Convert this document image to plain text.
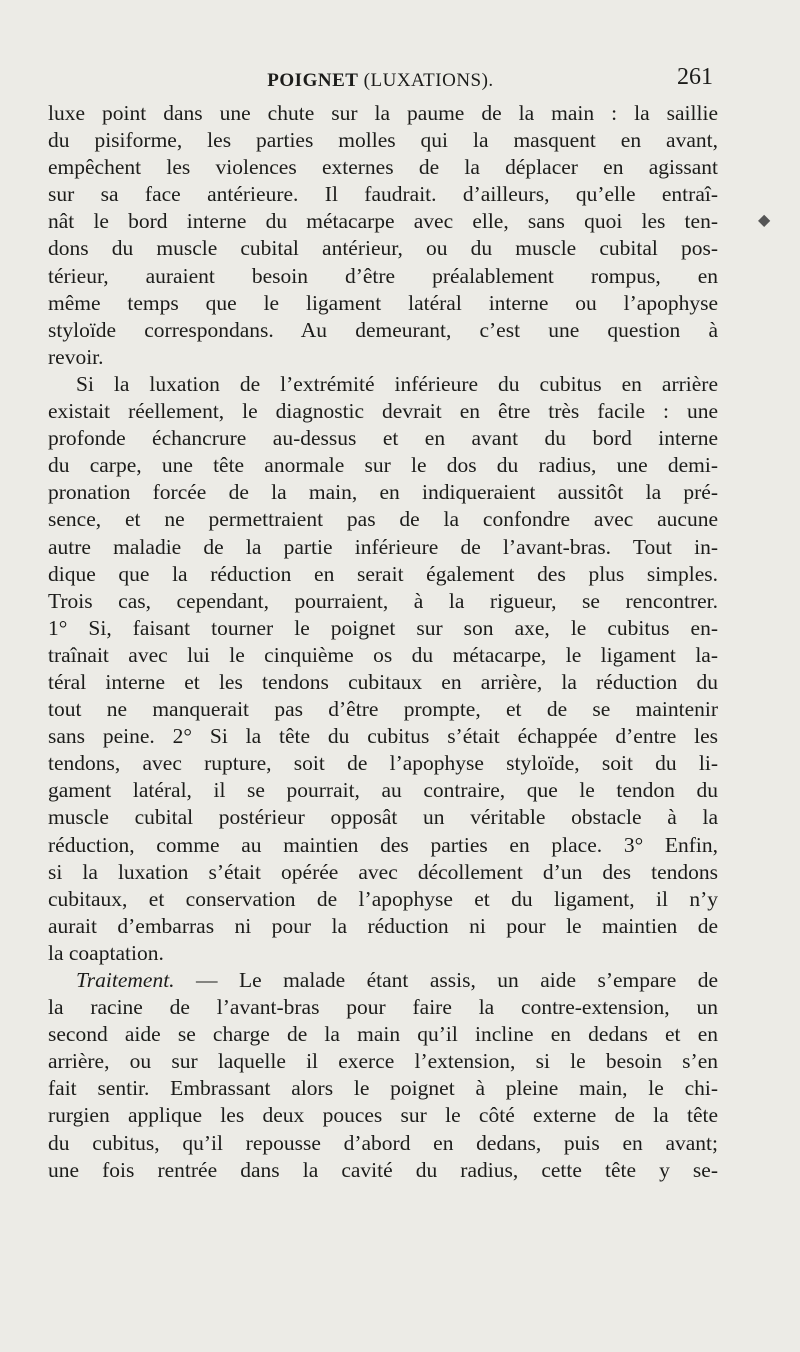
POIGNET (LUXATIONS).	261
◆
luxe point dans une chute sur la paume de la main : la saillie
du pisiforme, les parties molles qui la masquent en avant,
empêchent les violences externes de la déplacer en agissant
sur sa face antérieure. Il faudrait. d’ailleurs, qu’elle entraî-
nât le bord interne du métacarpe avec elle, sans quoi les ten-
dons du muscle cubital antérieur, ou du muscle cubital pos-
térieur, auraient besoin d’être préalablement rompus, en
même temps que le ligament latéral interne ou l’apophyse
styloïde correspondans. Au demeurant, c’est une question à
revoir.
Si la luxation de l’extrémité inférieure du cubitus en arrière
existait réellement, le diagnostic devrait en être très facile : une
profonde échancrure au-dessus et en avant du bord interne
du carpe, une tête anormale sur le dos du radius, une demi-
pronation forcée de la main, en indiqueraient aussitôt la pré-
sence, et ne permettraient pas de la confondre avec aucune
autre maladie de la partie inférieure de l’avant-bras. Tout in-
dique que la réduction en serait également des plus simples.
Trois cas, cependant, pourraient, à la rigueur, se rencontrer.
1° Si, faisant tourner le poignet sur son axe, le cubitus en-
traînait avec lui le cinquième os du métacarpe, le ligament la-
téral interne et les tendons cubitaux en arrière, la réduction du
tout ne manquerait pas d’être prompte, et de se maintenir
sans peine. 2° Si la tête du cubitus s’était échappée d’entre les
tendons, avec rupture, soit de l’apophyse styloïde, soit du li-
gament latéral, il se pourrait, au contraire, que le tendon du
muscle cubital postérieur opposât un véritable obstacle à la
réduction, comme au maintien des parties en place. 3° Enfin,
si la luxation s’était opérée avec décollement d’un des tendons
cubitaux, et conservation de l’apophyse et du ligament, il n’y
aurait d’embarras ni pour la réduction ni pour le maintien de
la coaptation.
Traitement. — Le malade étant assis, un aide s’empare de
la racine de l’avant-bras pour faire la contre-extension, un
second aide se charge de la main qu’il incline en dedans et en
arrière, ou sur laquelle il exerce l’extension, si le besoin s’en
fait sentir. Embrassant alors le poignet à pleine main, le chi-
rurgien applique les deux pouces sur le côté externe de la tête
du cubitus, qu’il repousse d’abord en dedans, puis en avant;
une fois rentrée dans la cavité du radius, cette tête y se-
